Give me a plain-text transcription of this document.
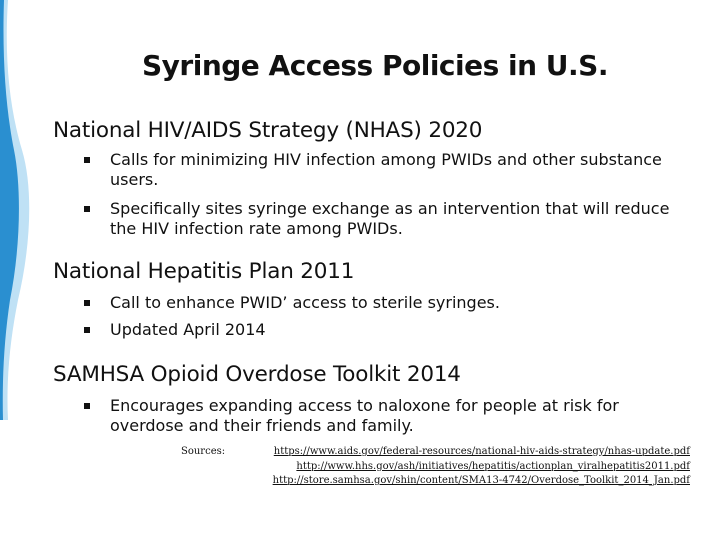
Syringe Access Policies in U.S.
National HIV/AIDS Strategy (NHAS) 2020
Calls for minimizing HIV infection among PWIDs and other substance users.
Specifically sites syringe exchange as an intervention that will reduce the HIV infection rate among PWIDs.
National Hepatitis Plan 2011
Call to enhance PWID’ access to sterile syringes.
Updated April 2014
SAMHSA Opioid Overdose Toolkit 2014
Encourages expanding access to naloxone for people at risk for overdose and their friends and family.
Sources:	https://www.aids.gov/federal-resources/national-hiv-aids-strategy/nhas-update.pdf
http://www.hhs.gov/ash/initiatives/hepatitis/actionplan_viralhepatitis2011.pdf
http://store.samhsa.gov/shin/content/SMA13-4742/Overdose_Toolkit_2014_Jan.pdf
